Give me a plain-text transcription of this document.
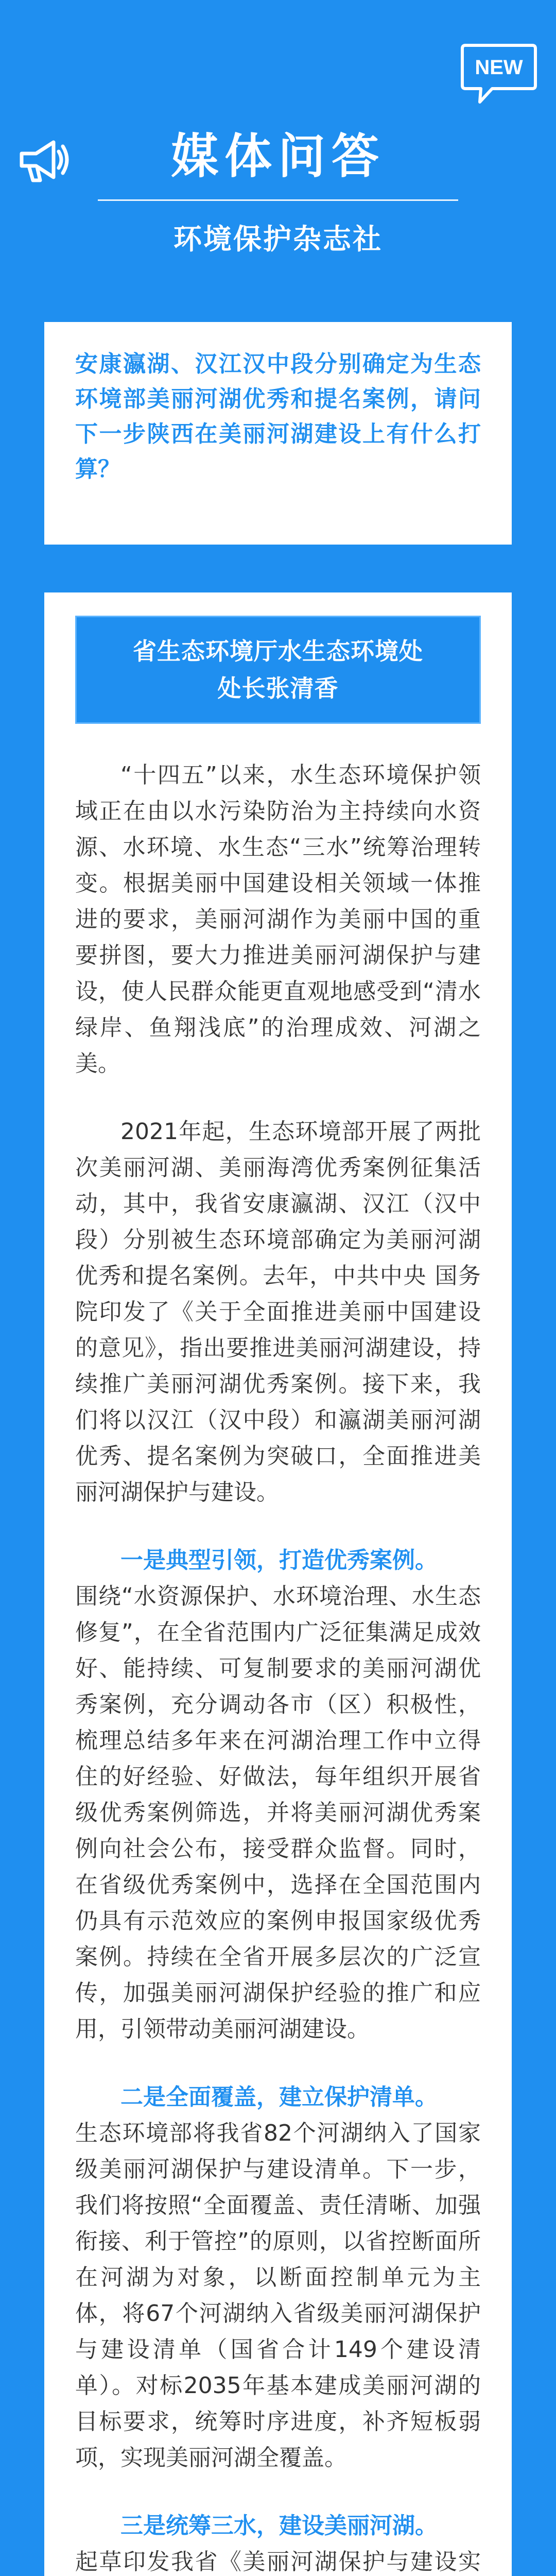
NEW
媒体问答
环境保护杂志社

安康瀛湖、汉江汉中段分别确定为生态环境部美丽河湖优秀和提名案例，请问下一步陕西在美丽河湖建设上有什么打算？

省生态环境厅水生态环境处
处长张清香

“十四五”以来，水生态环境保护领域正在由以水污染防治为主持续向水资源、水环境、水生态“三水”统筹治理转变。根据美丽中国建设相关领域一体推进的要求，美丽河湖作为美丽中国的重要拼图，要大力推进美丽河湖保护与建设，使人民群众能更直观地感受到“清水绿岸、鱼翔浅底”的治理成效、河湖之美。

2021年起，生态环境部开展了两批次美丽河湖、美丽海湾优秀案例征集活动，其中，我省安康瀛湖、汉江（汉中段）分别被生态环境部确定为美丽河湖优秀和提名案例。去年，中共中央 国务院印发了《关于全面推进美丽中国建设的意见》，指出要推进美丽河湖建设，持续推广美丽河湖优秀案例。接下来，我们将以汉江（汉中段）和瀛湖美丽河湖优秀、提名案例为突破口，全面推进美丽河湖保护与建设。

一是典型引领，打造优秀案例。
围绕“水资源保护、水环境治理、水生态修复”，在全省范围内广泛征集满足成效好、能持续、可复制要求的美丽河湖优秀案例，充分调动各市（区）积极性，梳理总结多年来在河湖治理工作中立得住的好经验、好做法，每年组织开展省级优秀案例筛选，并将美丽河湖优秀案例向社会公布，接受群众监督。同时，在省级优秀案例中，选择在全国范围内仍具有示范效应的案例申报国家级优秀案例。持续在全省开展多层次的广泛宣传，加强美丽河湖保护经验的推广和应用，引领带动美丽河湖建设。

二是全面覆盖，建立保护清单。
生态环境部将我省82个河湖纳入了国家级美丽河湖保护与建设清单。下一步，我们将按照“全面覆盖、责任清晰、加强衔接、利于管控”的原则，以省控断面所在河湖为对象，以断面控制单元为主体，将67个河湖纳入省级美丽河湖保护与建设清单（国省合计149个建设清单）。对标2035年基本建成美丽河湖的目标要求，统筹时序进度，补齐短板弱项，实现美丽河湖全覆盖。

三是统筹三水，建设美丽河湖。
起草印发我省《美丽河湖保护与建设实
